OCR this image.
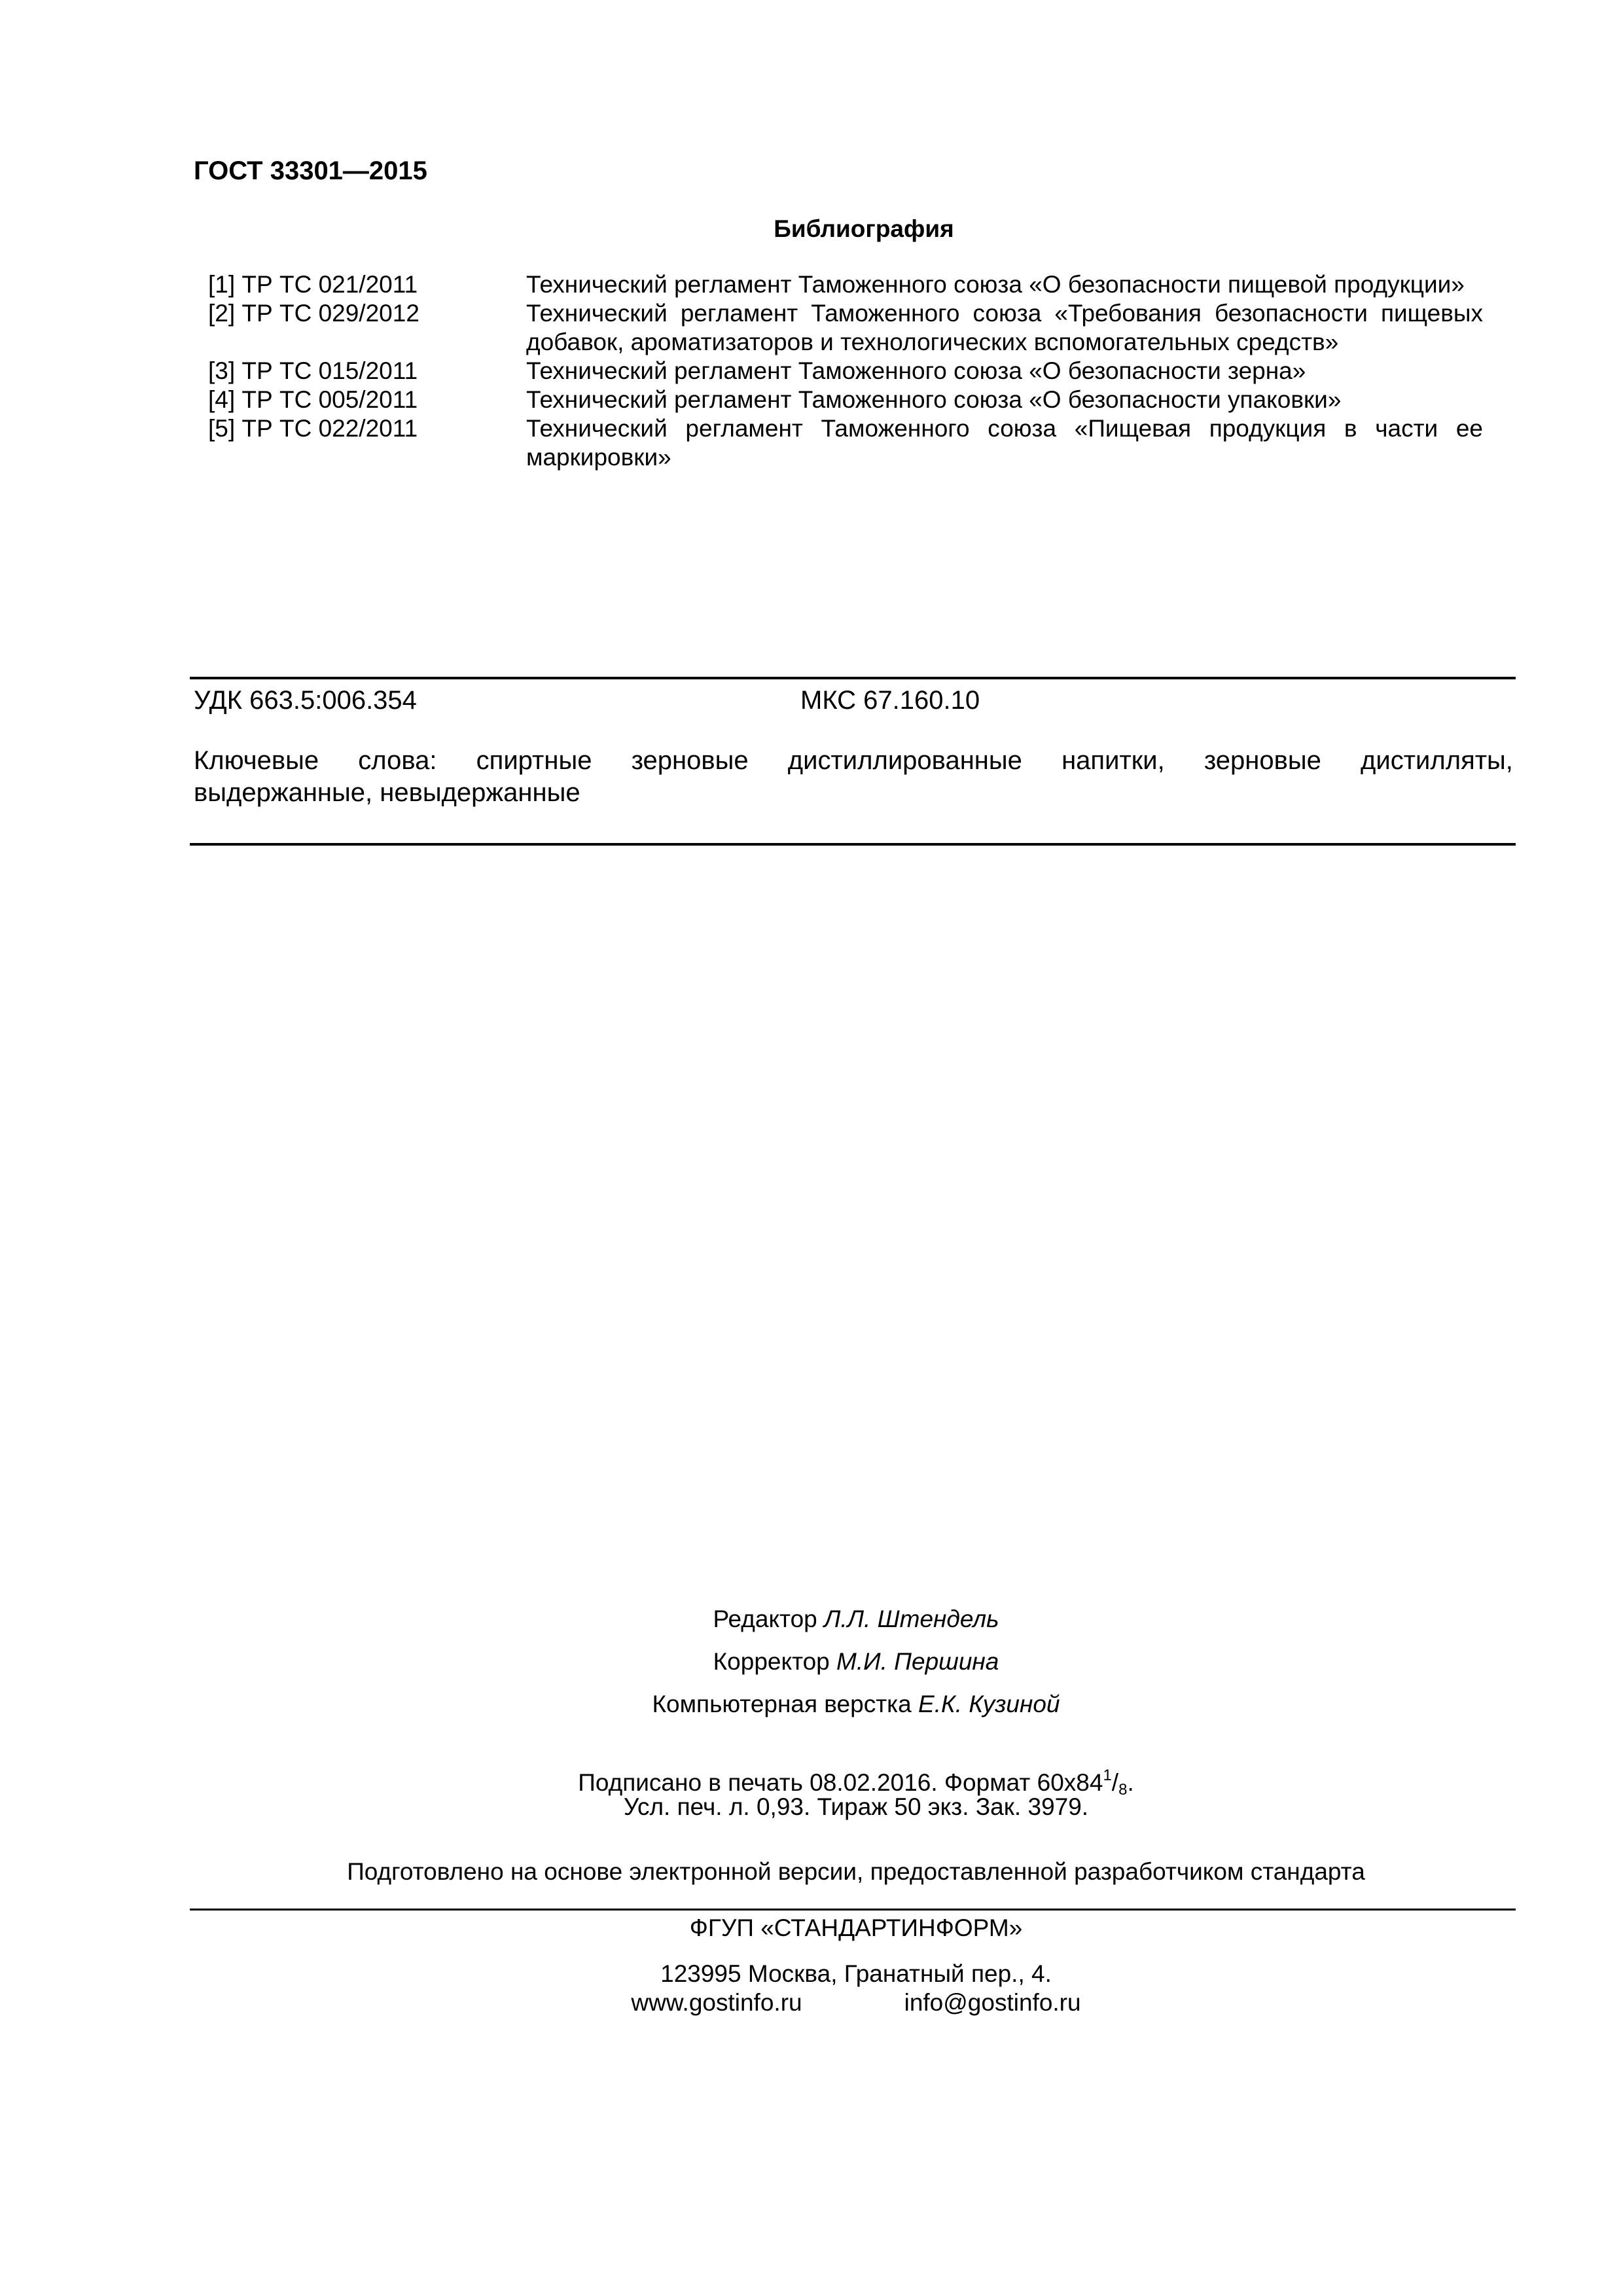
ГОСТ 33301—2015
Библиография
[1] ТР ТС 021/2011	Технический регламент Таможенного союза «О безопасности пищевой продукции»
[2] ТР ТС 029/2012	Технический регламент Таможенного союза «Требования безопасности пищевых добавок, ароматизаторов и технологических вспомогательных средств»
[3] ТР ТС 015/2011	Технический регламент Таможенного союза «О безопасности зерна»
[4] ТР ТС 005/2011	Технический регламент Таможенного союза «О безопасности упаковки»
[5] ТР ТС 022/2011	Технический регламент Таможенного союза «Пищевая продукция в части ее маркировки»
УДК 663.5:006.354	МКС 67.160.10
Ключевые слова: спиртные зерновые дистиллированные напитки, зерновые дистилляты,
выдержанные, невыдержанные
Редактор Л.Л. Штендель
Корректор М.И. Першина
Компьютерная верстка Е.К. Кузиной
Подписано в печать 08.02.2016. Формат $60x84^1/_8$.
Усл. печ. л. 0,93. Тираж 50 экз. Зак. 3979.
Подготовлено на основе электронной версии, предоставленной разработчиком стандарта
ФГУП «СТАНДАРТИНФОРМ»
123995 Москва, Гранатный пер., 4.
www.gostinfo.ru	info@gostinfo.ru
